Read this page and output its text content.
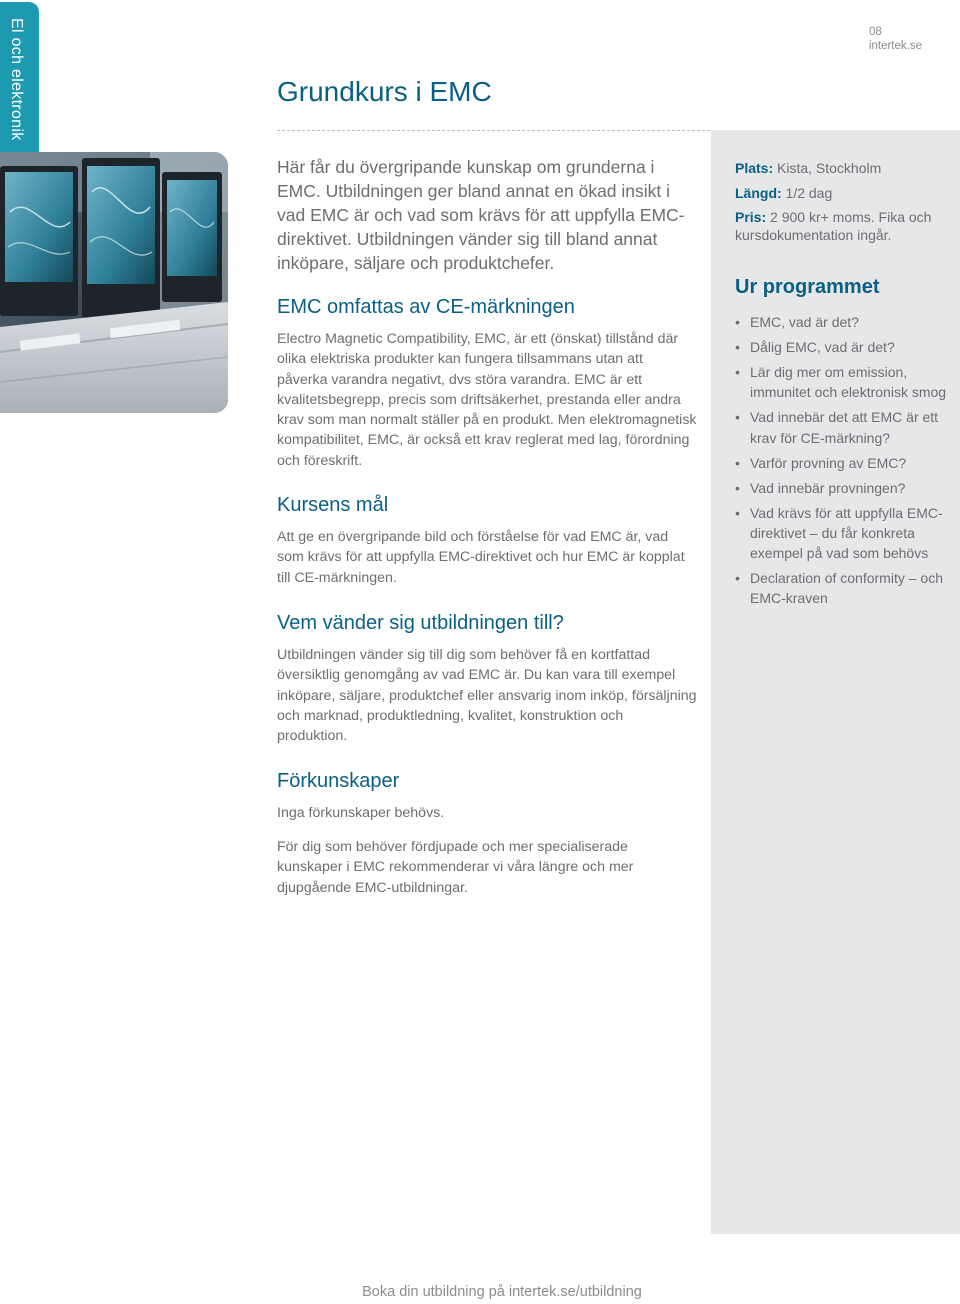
El och elektronik	08
intertek.se
Grundkurs i EMC

Här får du övergripande kunskap om grunderna i EMC. Utbildningen ger bland annat en ökad insikt i vad EMC är och vad som krävs för att uppfylla EMC-direktivet. Utbildningen vänder sig till bland annat inköpare, säljare och produktchefer.

EMC omfattas av CE-märkningen

Electro Magnetic Compatibility, EMC, är ett (önskat) tillstånd där olika elektriska produkter kan fungera tillsammans utan att påverka varandra negativt, dvs störa varandra. EMC är ett kvalitetsbegrepp, precis som driftsäkerhet, prestanda eller andra krav som man normalt ställer på en produkt. Men elektromagnetisk kompatibilitet, EMC, är också ett krav reglerat med lag, förordning och föreskrift.

Kursens mål

Att ge en övergripande bild och förståelse för vad EMC är, vad som krävs för att uppfylla EMC-direktivet och hur EMC är kopplat till CE-märkningen.

Vem vänder sig utbildningen till?

Utbildningen vänder sig till dig som behöver få en kortfattad översiktlig genomgång av vad EMC är. Du kan vara till exempel inköpare, säljare, produktchef eller ansvarig inom inköp, försäljning och marknad, produktledning, kvalitet, konstruktion och produktion.

Förkunskaper

Inga förkunskaper behövs.

För dig som behöver fördjupade och mer specialiserade kunskaper i EMC rekommenderar vi våra längre och mer djupgående EMC-utbildningar.

Plats: Kista, Stockholm
Längd: 1/2 dag
Pris: 2 900 kr+ moms. Fika och kursdokumentation ingår.
Ur programmet
• EMC, vad är det?
• Dålig EMC, vad är det?
• Lär dig mer om emission, immunitet och elektronisk smog
• Vad innebär det att EMC är ett krav för CE-märkning?
• Varför provning av EMC?
• Vad innebär provningen?
• Vad krävs för att uppfylla EMC-direktivet – du får konkreta exempel på vad som behövs
• Declaration of conformity – och EMC-kraven
Boka din utbildning på intertek.se/utbildning
